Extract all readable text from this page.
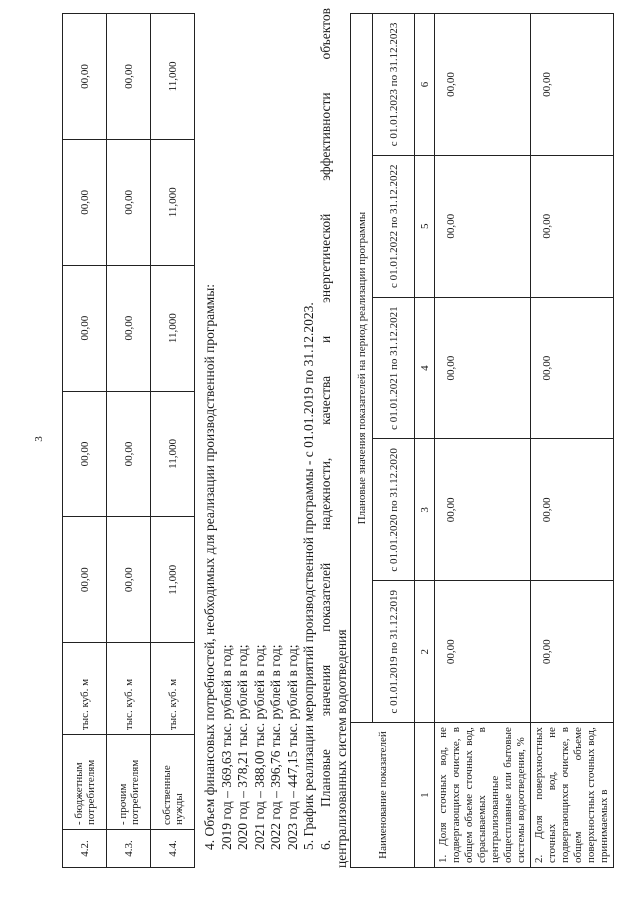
3
4.2.	- бюджетным потребителям	тыс. куб. м	00,00	00,00	00,00	00,00	00,00
4.3.	- прочим потребителям	тыс. куб. м	00,00	00,00	00,00	00,00	00,00
4.4.	собственные нужды	тыс. куб. м	11,000	11,000	11,000	11,000	11,000
4. Объем финансовых потребностей, необходимых для реализации производственной программы: 2019 год – 369,63 тыс. рублей в год; 2020 год – 378,21 тыс. рублей в год; 2021 год – 388,00 тыс. рублей в год; 2022 год – 396,76 тыс. рублей в год; 2023 год – 447,15 тыс. рублей в год; 5. График реализации мероприятий производственной программы - с 01.01.2019 по 31.12.2023. 6. Плановые значения показателей надежности, качества и энергетической эффективности объектов централизованных систем водоотведения	Наименование показателей	Плановые значения показателей на период реализации программы				
	с 01.01.2019 по 31.12.2019	с 01.01.2020 по 31.12.2020	с 01.01.2021 по 31.12.2021	с 01.01.2022 по 31.12.2022	с 01.01.2023 по 31.12.2023
1	2	3	4	5	6
1. Доля сточных вод, не подвергающихся очистке, в общем объеме сточных вод, сбрасываемых в централизованные общесплавные или бытовые системы водоотведения, %	00,00	00,00	00,00	00,00	00,00
2. Доля поверхностных сточных вод, не подвергающихся очистке, в общем объеме поверхностных сточных вод, принимаемых в	00,00	00,00	00,00	00,00	00,00
